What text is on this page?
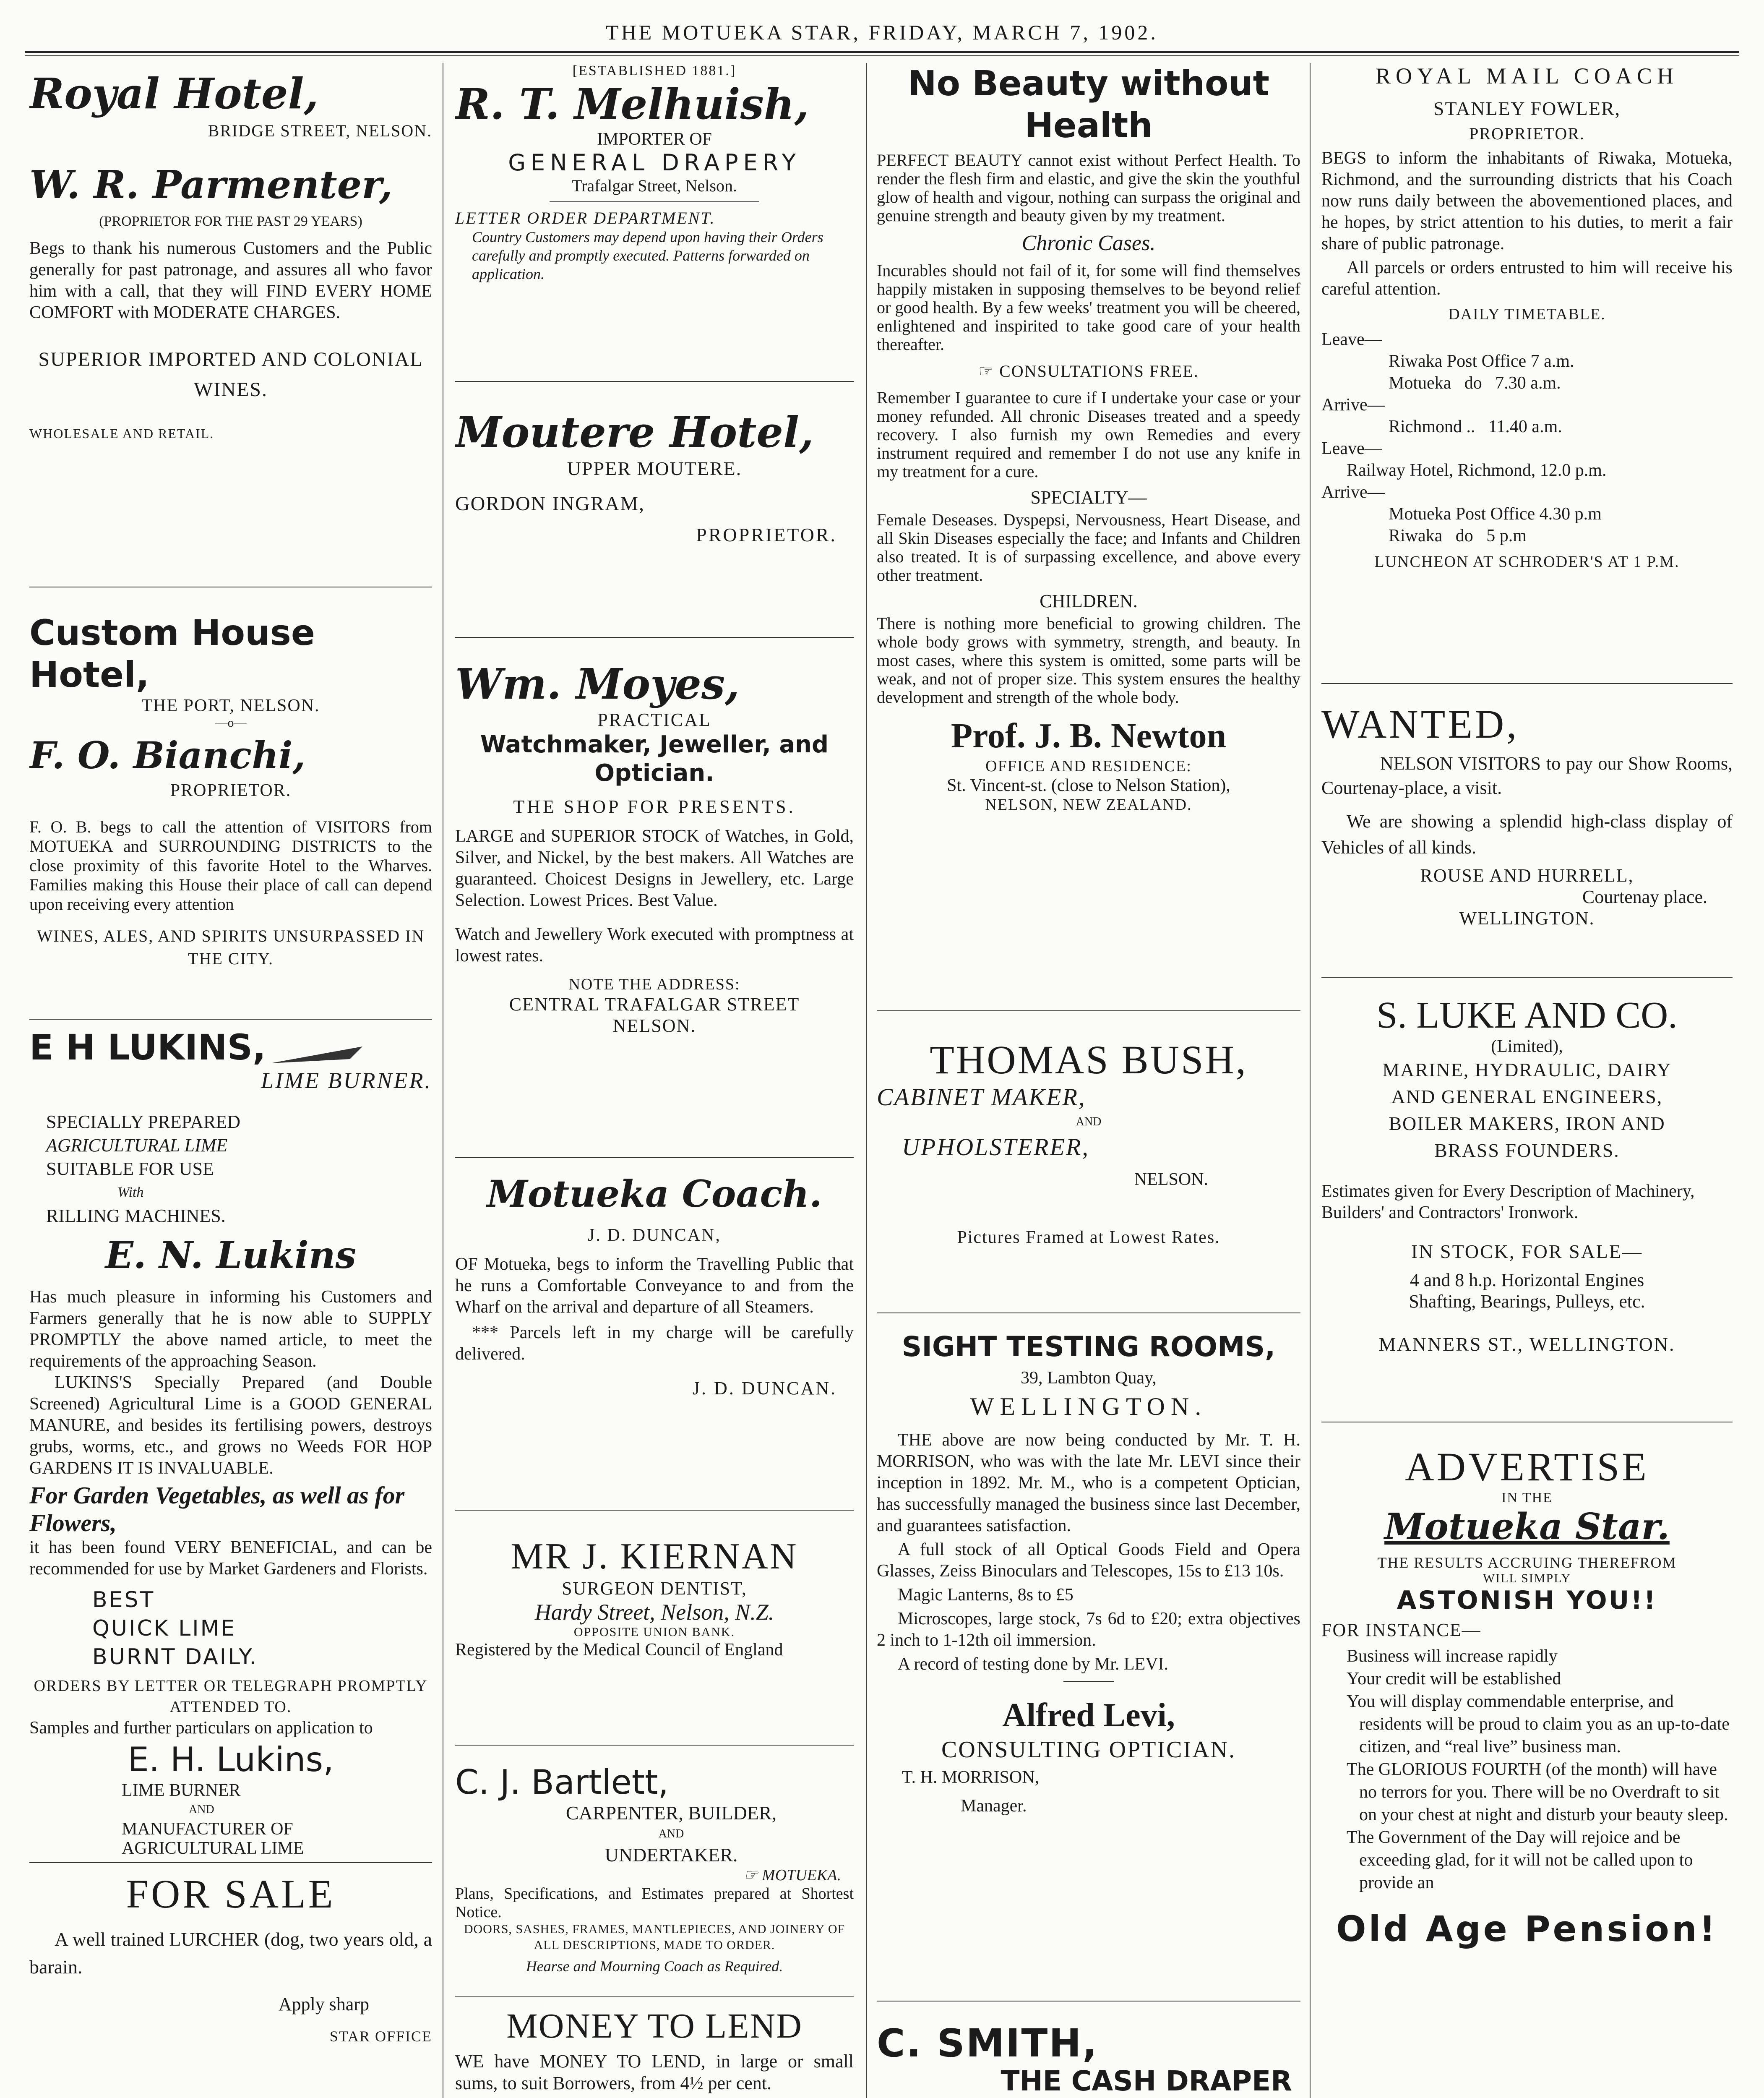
THE MOTUEKA STAR, FRIDAY, MARCH 7, 1902.
Royal Hotel,
BRIDGE STREET, NELSON.
W. R. Parmenter,
(PROPRIETOR FOR THE PAST 29 YEARS)

Begs to thank his numerous Customers and the Public generally for past patronage, and assures all who favor him with a call, that they will FIND EVERY HOME COMFORT with MODERATE CHARGES.

SUPERIOR IMPORTED AND COLONIAL WINES.
WHOLESALE AND RETAIL.
Custom House Hotel,
THE PORT, NELSON.
—o—
F. O. Bianchi,
PROPRIETOR.

F. O. B. begs to call the attention of VISITORS from MOTUEKA and SURROUNDING DISTRICTS to the close proximity of this favorite Hotel to the Wharves. Families making this House their place of call can depend upon receiving every attention

WINES, ALES, AND SPIRITS UNSURPASSED IN THE CITY.
E H LUKINS,
LIME BURNER.
SPECIALLY PREPARED
AGRICULTURAL LIME
SUITABLE FOR USE
With
RILLING MACHINES.
E. N. Lukins

Has much pleasure in informing his Customers and Farmers generally that he is now able to SUPPLY PROMPTLY the above named article, to meet the requirements of the approaching Season.

LUKINS'S Specially Prepared (and Double Screened) Agricultural Lime is a GOOD GENERAL MANURE, and besides its fertilising powers, destroys grubs, worms, etc., and grows no Weeds FOR HOP GARDENS IT IS INVALUABLE.

For Garden Vegetables, as well as for Flowers,

it has been found VERY BENEFICIAL, and can be recommended for use by Market Gardeners and Florists.

BEST
QUICK LIME
BURNT DAILY.
ORDERS BY LETTER OR TELEGRAPH PROMPTLY ATTENDED TO.

Samples and further particulars on application to

E. H. Lukins,
LIME BURNER
AND
MANUFACTURER OF
AGRICULTURAL LIME
FOR SALE

A well trained LURCHER (dog, two years old, a barain.

Apply sharp
STAR OFFICE
[ESTABLISHED 1881.]
R. T. Melhuish,
IMPORTER OF
GENERAL DRAPERY
Trafalgar Street, Nelson.
LETTER ORDER DEPARTMENT.

Country Customers may depend upon having their Orders carefully and promptly executed. Patterns forwarded on application.

Moutere Hotel,
UPPER MOUTERE.
GORDON INGRAM,
PROPRIETOR.
Wm. Moyes,
PRACTICAL
Watchmaker, Jeweller, and Optician.
THE SHOP FOR PRESENTS.

LARGE and SUPERIOR STOCK of Watches, in Gold, Silver, and Nickel, by the best makers. All Watches are guaranteed. Choicest Designs in Jewellery, etc. Large Selection. Lowest Prices. Best Value.

Watch and Jewellery Work executed with promptness at lowest rates.

NOTE THE ADDRESS:
CENTRAL TRAFALGAR STREET
NELSON.
Motueka Coach.
J. D. DUNCAN,

OF Motueka, begs to inform the Travelling Public that he runs a Comfortable Conveyance to and from the Wharf on the arrival and departure of all Steamers.

*** Parcels left in my charge will be carefully delivered.

J. D. DUNCAN.
MR J. KIERNAN
SURGEON DENTIST,
Hardy Street, Nelson, N.Z.
OPPOSITE UNION BANK.

Registered by the Medical Council of England

C. J. Bartlett,
CARPENTER, BUILDER,
AND
UNDERTAKER.
☞ MOTUEKA.

Plans, Specifications, and Estimates prepared at Shortest Notice.

DOORS, SASHES, FRAMES, MANTLEPIECES, AND JOINERY OF ALL DESCRIPTIONS, MADE TO ORDER.

Hearse and Mourning Coach as Required.

MONEY TO LEND

WE have MONEY TO LEND, in large or small sums, to suit Borrowers, from 4½ per cent.

No Beauty without Health

PERFECT BEAUTY cannot exist without Perfect Health. To render the flesh firm and elastic, and give the skin the youthful glow of health and vigour, nothing can surpass the original and genuine strength and beauty given by my treatment.

Chronic Cases.

Incurables should not fail of it, for some will find themselves happily mistaken in supposing themselves to be beyond relief or good health. By a few weeks' treatment you will be cheered, enlightened and inspirited to take good care of your health thereafter.

☞ CONSULTATIONS FREE.

Remember I guarantee to cure if I undertake your case or your money refunded. All chronic Diseases treated and a speedy recovery. I also furnish my own Remedies and every instrument required and remember I do not use any knife in my treatment for a cure.

SPECIALTY—

Female Deseases. Dyspepsi, Nervousness, Heart Disease, and all Skin Diseases especially the face; and Infants and Children also treated. It is of surpassing excellence, and above every other treatment.

CHILDREN.

There is nothing more beneficial to growing children. The whole body grows with symmetry, strength, and beauty. In most cases, where this system is omitted, some parts will be weak, and not of proper size. This system ensures the healthy development and strength of the whole body.

Prof. J. B. Newton
OFFICE AND RESIDENCE:
St. Vincent-st. (close to Nelson Station),
NELSON, NEW ZEALAND.
THOMAS BUSH,
CABINET MAKER,
AND
UPHOLSTERER,
NELSON.
Pictures Framed at Lowest Rates.
SIGHT TESTING ROOMS,
39, Lambton Quay,
WELLINGTON.

THE above are now being conducted by Mr. T. H. MORRISON, who was with the late Mr. LEVI since their inception in 1892. Mr. M., who is a competent Optician, has successfully managed the business since last December, and guarantees satisfaction.

A full stock of all Optical Goods Field and Opera Glasses, Zeiss Binoculars and Telescopes, 15s to £13 10s.

Magic Lanterns, 8s to £5

Microscopes, large stock, 7s 6d to £20; extra objectives 2 inch to 1-12th oil immersion.

A record of testing done by Mr. LEVI.

Alfred Levi,
CONSULTING OPTICIAN.
T. H. MORRISON,
Manager.
C. SMITH,
THE CASH DRAPER
ROYAL MAIL COACH
STANLEY FOWLER,
PROPRIETOR.

BEGS to inform the inhabitants of Riwaka, Motueka, Richmond, and the surrounding districts that his Coach now runs daily between the abovementioned places, and he hopes, by strict attention to his duties, to merit a fair share of public patronage.

All parcels or orders entrusted to him will receive his careful attention.

DAILY TIMETABLE.
Leave—
Riwaka Post Office 7 a.m.
Motueka   do   7.30 a.m.
Arrive—
Richmond ..   11.40 a.m.
Leave—
Railway Hotel, Richmond, 12.0 p.m.
Arrive—
Motueka Post Office 4.30 p.m
Riwaka   do   5 p.m
LUNCHEON AT SCHRODER'S AT 1 P.M.
WANTED,

NELSON VISITORS to pay our Show Rooms, Courtenay-place, a visit.

We are showing a splendid high-class display of Vehicles of all kinds.

ROUSE AND HURRELL,
Courtenay place.
WELLINGTON.
S. LUKE AND CO.
(Limited),
MARINE, HYDRAULIC, DAIRY
AND GENERAL ENGINEERS,
BOILER MAKERS, IRON AND
BRASS FOUNDERS.

Estimates given for Every Description of Machinery,

Builders' and Contractors' Ironwork.

IN STOCK, FOR SALE—
4 and 8 h.p. Horizontal Engines
Shafting, Bearings, Pulleys, etc.
MANNERS ST., WELLINGTON.
ADVERTISE
IN THE
Motueka Star.
THE RESULTS ACCRUING THEREFROM
WILL SIMPLY
ASTONISH YOU!!
FOR INSTANCE—
Business will increase rapidly
Your credit will be established
You will display commendable enterprise, and residents will be proud to claim you as an up-to-date citizen, and “real live” business man.
The GLORIOUS FOURTH (of the month) will have no terrors for you. There will be no Overdraft to sit on your chest at night and disturb your beauty sleep.
The Government of the Day will rejoice and be exceeding glad, for it will not be called upon to provide an
Old Age Pension!
